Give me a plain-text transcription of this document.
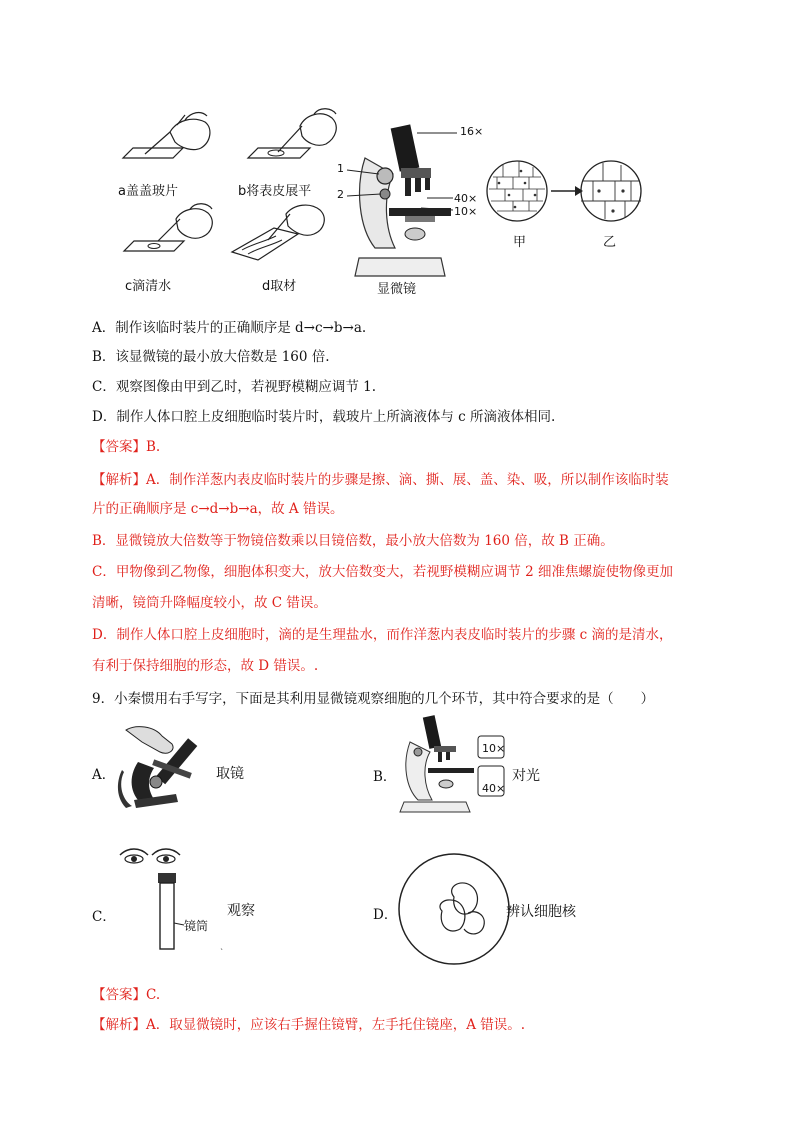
a盖盖玻片	b将表皮展平
c滴清水	d取材
16×
1
2	40×
10×
显微镜
甲	乙
A．制作该临时装片的正确顺序是 d→c→b→a.
B．该显微镜的最小放大倍数是 160 倍.
C．观察图像由甲到乙时，若视野模糊应调节 1.
D．制作人体口腔上皮细胞临时装片时，载玻片上所滴液体与 c 所滴液体相同.
【答案】B.
【解析】A．制作洋葱内表皮临时装片的步骤是擦、滴、撕、展、盖、染、吸，所以制作该临时装
片的正确顺序是 c→d→b→a，故 A 错误。
B．显微镜放大倍数等于物镜倍数乘以目镜倍数，最小放大倍数为 160 倍，故 B 正确。
C．甲物像到乙物像，细胞体积变大，放大倍数变大，若视野模糊应调节 2 细准焦螺旋使物像更加
清晰，镜筒升降幅度较小，故 C 错误。
D．制作人体口腔上皮细胞时，滴的是生理盐水，而作洋葱内表皮临时装片的步骤 c 滴的是清水，
有利于保持细胞的形态，故 D 错误。.
9．小秦惯用右手写字，下面是其利用显微镜观察细胞的几个环节，其中符合要求的是（　　）
A．	取镜	B．
10×
40×
对光
C．
`
镜筒
观察	D．	辨认细胞核
【答案】C.
【解析】A．取显微镜时，应该右手握住镜臂，左手托住镜座，A 错误。.
